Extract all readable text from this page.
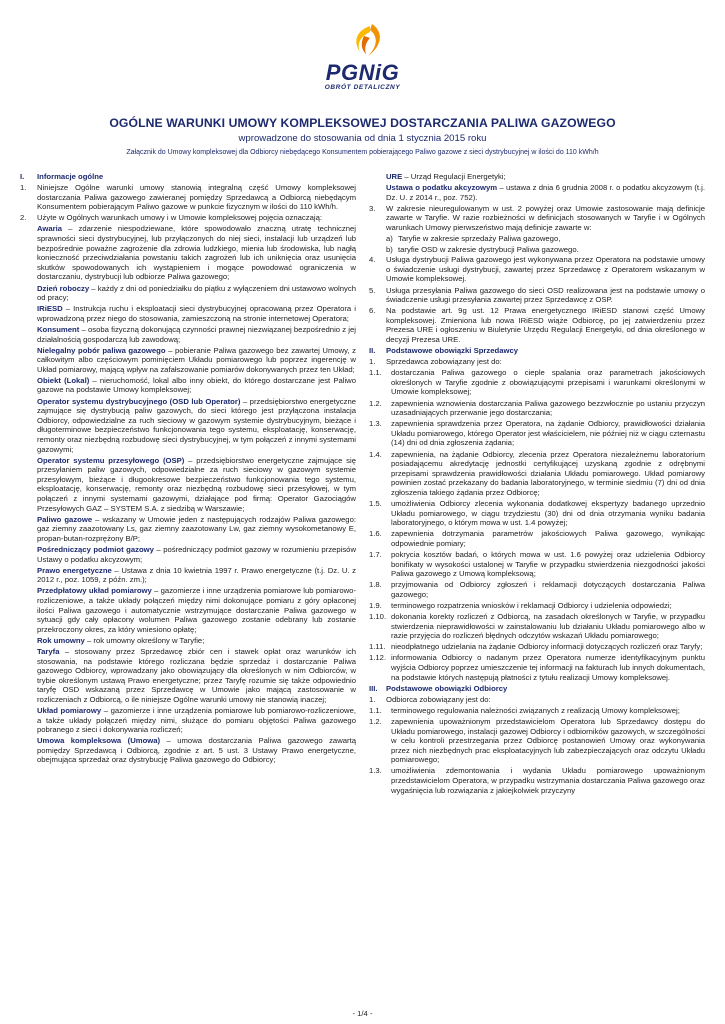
PGNiG
OBRÓT DETALICZNY
OGÓLNE WARUNKI UMOWY KOMPLEKSOWEJ DOSTARCZANIA PALIWA GAZOWEGO
wprowadzone do stosowania od dnia 1 stycznia 2015 roku
Załącznik do Umowy kompleksowej dla Odbiorcy niebędącego Konsumentem pobierającego Paliwo gazowe z sieci dystrybucyjnej w ilości do 110 kWh/h
I.	Informacje ogólne
1.	Niniejsze Ogólne warunki umowy stanowią integralną część Umowy kompleksowej dostarczania Paliwa gazowego zawieranej pomiędzy Sprzedawcą a Odbiorcą niebędącym Konsumentem pobierającym Paliwo gazowe w punkcie fizycznym w ilości do 110 kWh/h.
2.	Użyte w Ogólnych warunkach umowy i w Umowie kompleksowej pojęcia oznaczają:
Awaria – zdarzenie niespodziewane, które spowodowało znaczną utratę technicznej sprawności sieci dystrybucyjnej, lub przyłączonych do niej sieci, instalacji lub urządzeń lub bezpośrednie poważne zagrożenie dla zdrowia ludzkiego, mienia lub środowiska, lub nagłą konieczność przeciwdziałania powstaniu takich zagrożeń lub ich uniknięcia oraz usunięcia skutków spowodowanych ich wystąpieniem i mogące powodować ograniczenia w dostarczaniu, dystrybucji lub odbiorze Paliwa gazowego;
Dzień roboczy – każdy z dni od poniedziałku do piątku z wyłączeniem dni ustawowo wolnych od pracy;
IRiESD – Instrukcja ruchu i eksploatacji sieci dystrybucyjnej opracowaną przez Operatora i wprowadzoną przez niego do stosowania, zamieszczoną na stronie internetowej Operatora;
Konsument – osoba fizyczną dokonującą czynności prawnej niezwiązanej bezpośrednio z jej działalnością gospodarczą lub zawodową;
Nielegalny pobór paliwa gazowego – pobieranie Paliwa gazowego bez zawartej Umowy, z całkowitym albo częściowym pominięciem Układu pomiarowego lub poprzez ingerencję w Układ pomiarowy, mającą wpływ na zafałszowanie pomiarów dokonywanych przez ten Układ;
Obiekt (Lokal) – nieruchomość, lokal albo inny obiekt, do którego dostarczane jest Paliwo gazowe na podstawie Umowy kompleksowej;
Operator systemu dystrybucyjnego (OSD lub Operator) – przedsiębiorstwo energetyczne zajmujące się dystrybucją paliw gazowych, do sieci którego jest przyłączona instalacja Odbiorcy, odpowiedzialne za ruch sieciowy w gazowym systemie dystrybucyjnym, bieżące i długoterminowe bezpieczeństwo funkcjonowania tego systemu, eksploatację, konserwację, remonty oraz niezbędną rozbudowę sieci dystrybucyjnej, w tym połączeń z innymi systemami gazowymi;
Operator systemu przesyłowego (OSP) – przedsiębiorstwo energetyczne zajmujące się przesyłaniem paliw gazowych, odpowiedzialne za ruch sieciowy w gazowym systemie przesyłowym, bieżące i długookresowe bezpieczeństwo funkcjonowania tego systemu, eksploatację, konserwację, remonty oraz niezbędną rozbudowę sieci przesyłowej, w tym połączeń z innymi systemami gazowymi, działające pod firmą: Operator Gazociągów Przesyłowych GAZ – SYSTEM S.A. z siedzibą w Warszawie;
Paliwo gazowe – wskazany w Umowie jeden z następujących rodzajów Paliwa gazowego: gaz ziemny zaazotowany Ls, gaz ziemny zaazotowany Lw, gaz ziemny wysokometanowy E, propan-butan-rozprężony B/P;
Pośredniczący podmiot gazowy – pośredniczący podmiot gazowy w rozumieniu przepisów Ustawy o podatku akcyzowym;
Prawo energetyczne – Ustawa z dnia 10 kwietnia 1997 r. Prawo energetyczne (t.j. Dz. U. z 2012 r., poz. 1059, z późn. zm.);
Przedpłatowy układ pomiarowy – gazomierze i inne urządzenia pomiarowe lub pomiarowo-rozliczeniowe, a także układy połączeń między nimi dokonujące pomiaru z góry opłaconej ilości Paliwa gazowego i automatycznie wstrzymujące dostarczanie Paliwa gazowego w sytuacji gdy cały opłacony wolumen Paliwa gazowego zostanie odebrany lub zostanie przekroczony okres, za który wniesiono opłatę;
Rok umowny – rok umowny określony w Taryfie;
Taryfa – stosowany przez Sprzedawcę zbiór cen i stawek opłat oraz warunków ich stosowania, na podstawie którego rozliczana będzie sprzedaż i dostarczanie Paliwa gazowego Odbiorcy, wprowadzany jako obowiązujący dla określonych w nim Odbiorców, w trybie określonym ustawą Prawo energetyczne; przez Taryfę rozumie się także odpowiednio taryfę OSD wskazaną przez Sprzedawcę w Umowie jako mającą zastosowanie w rozliczeniach z Odbiorcą, o ile niniejsze Ogólne warunki umowy nie stanowią inaczej;
Układ pomiarowy – gazomierze i inne urządzenia pomiarowe lub pomiarowo-rozliczeniowe, a także układy połączeń między nimi, służące do pomiaru objętości Paliwa gazowego pobranego z sieci i dokonywania rozliczeń;
Umowa kompleksowa (Umowa) – umowa dostarczania Paliwa gazowego zawartą pomiędzy Sprzedawcą i Odbiorcą, zgodnie z art. 5 ust. 3 Ustawy Prawo energetyczne, obejmująca sprzedaż oraz dystrybucję Paliwa gazowego do Odbiorcy;
URE – Urząd Regulacji Energetyki;
Ustawa o podatku akcyzowym – ustawa z dnia 6 grudnia 2008 r. o podatku akcyzowym (t.j. Dz. U. z 2014 r., poz. 752).
3.	W zakresie nieuregulowanym w ust. 2 powyżej oraz Umowie zastosowanie mają definicje zawarte w Taryfie. W razie rozbieżności w definicjach stosowanych w Taryfie i w Ogólnych warunkach Umowy pierwszeństwo mają definicje zawarte w:
a) Taryfie w zakresie sprzedaży Paliwa gazowego,
b) taryfie OSD w zakresie dystrybucji Paliwa gazowego.
4.	Usługa dystrybucji Paliwa gazowego jest wykonywana przez Operatora na podstawie umowy o świadczenie usługi dystrybucji, zawartej przez Sprzedawcę z Operatorem wskazanym w Umowie kompleksowej.
5.	Usługa przesyłania Paliwa gazowego do sieci OSD realizowana jest na podstawie umowy o świadczenie usługi przesyłania zawartej przez Sprzedawcę z OSP.
6.	Na podstawie art. 9g ust. 12 Prawa energetycznego IRiESD stanowi część Umowy kompleksowej. Zmieniona lub nowa IRiESD wiąże Odbiorcę, po jej zatwierdzeniu przez Prezesa URE i ogłoszeniu w Biuletynie Urzędu Regulacji Energetyki, od dnia określonego w decyzji Prezesa URE.
II.	Podstawowe obowiązki Sprzedawcy
1.	Sprzedawca zobowiązany jest do:
1.1.	dostarczania Paliwa gazowego o cieple spalania oraz parametrach jakościowych określonych w Taryfie zgodnie z obowiązującymi przepisami i warunkami określonymi w Umowie kompleksowej;
1.2.	zapewnienia wznowienia dostarczania Paliwa gazowego bezzwłocznie po ustaniu przyczyn uzasadniających przerwanie jego dostarczania;
1.3.	zapewnienia sprawdzenia przez Operatora, na żądanie Odbiorcy, prawidłowości działania Układu pomiarowego, którego Operator jest właścicielem, nie później niż w ciągu czternastu (14) dni od dnia zgłoszenia żądania;
1.4.	zapewnienia, na żądanie Odbiorcy, zlecenia przez Operatora niezależnemu laboratorium posiadającemu akredytację jednostki certyfikującej uzyskaną zgodnie z odrębnymi przepisami sprawdzenia prawidłowości działania Układu pomiarowego. Układ pomiarowy powinien zostać przekazany do badania laboratoryjnego, w terminie siedmiu (7) dni od dnia zgłoszenia takiego żądania przez Odbiorcę;
1.5.	umożliwienia Odbiorcy zlecenia wykonania dodatkowej ekspertyzy badanego uprzednio Układu pomiarowego, w ciągu trzydziestu (30) dni od dnia otrzymania wyniku badania laboratoryjnego, o którym mowa w ust. 1.4 powyżej;
1.6.	zapewnienia dotrzymania parametrów jakościowych Paliwa gazowego, wynikając odpowiednie pomiary;
1.7.	pokrycia kosztów badań, o których mowa w ust. 1.6 powyżej oraz udzielenia Odbiorcy bonifikaty w wysokości ustalonej w Taryfie w przypadku stwierdzenia niezgodności jakości Paliwa gazowego z Umową kompleksową;
1.8.	przyjmowania od Odbiorcy zgłoszeń i reklamacji dotyczących dostarczania Paliwa gazowego;
1.9.	terminowego rozpatrzenia wniosków i reklamacji Odbiorcy i udzielenia odpowiedzi;
1.10. dokonania korekty rozliczeń z Odbiorcą, na zasadach określonych w Taryfie, w przypadku stwierdzenia nieprawidłowości w zainstalowaniu lub działaniu Układu pomiarowego albo w razie przyjęcia do rozliczeń błędnych odczytów wskazań Układu pomiarowego;
1.11. nieodpłatnego udzielania na żądanie Odbiorcy informacji dotyczących rozliczeń oraz Taryfy;
1.12. informowania Odbiorcy o nadanym przez Operatora numerze identyfikacyjnym punktu wyjścia Odbiorcy poprzez umieszczenie tej informacji na fakturach lub innych dokumentach, na podstawie których następują płatności z tytułu realizacji Umowy kompleksowej.
III.	Podstawowe obowiązki Odbiorcy
1.	Odbiorca zobowiązany jest do:
1.1.	terminowego regulowania należności związanych z realizacją Umowy kompleksowej;
1.2.	zapewnienia upoważnionym przedstawicielom Operatora lub Sprzedawcy dostępu do Układu pomiarowego, instalacji gazowej Odbiorcy i odbiorników gazowych, w szczególności w celu kontroli przestrzegania przez Odbiorcę postanowień Umowy oraz wykonywania przez nich niezbędnych prac eksploatacyjnych lub zabezpieczających oraz odczytu Układu pomiarowego;
1.3.	umożliwienia zdemontowania i wydania Układu pomiarowego upoważnionym przedstawicielom Operatora, w przypadku wstrzymania dostarczania Paliwa gazowego oraz wygaśnięcia lub rozwiązania z jakiejkolwiek przyczyny
- 1/4 -
